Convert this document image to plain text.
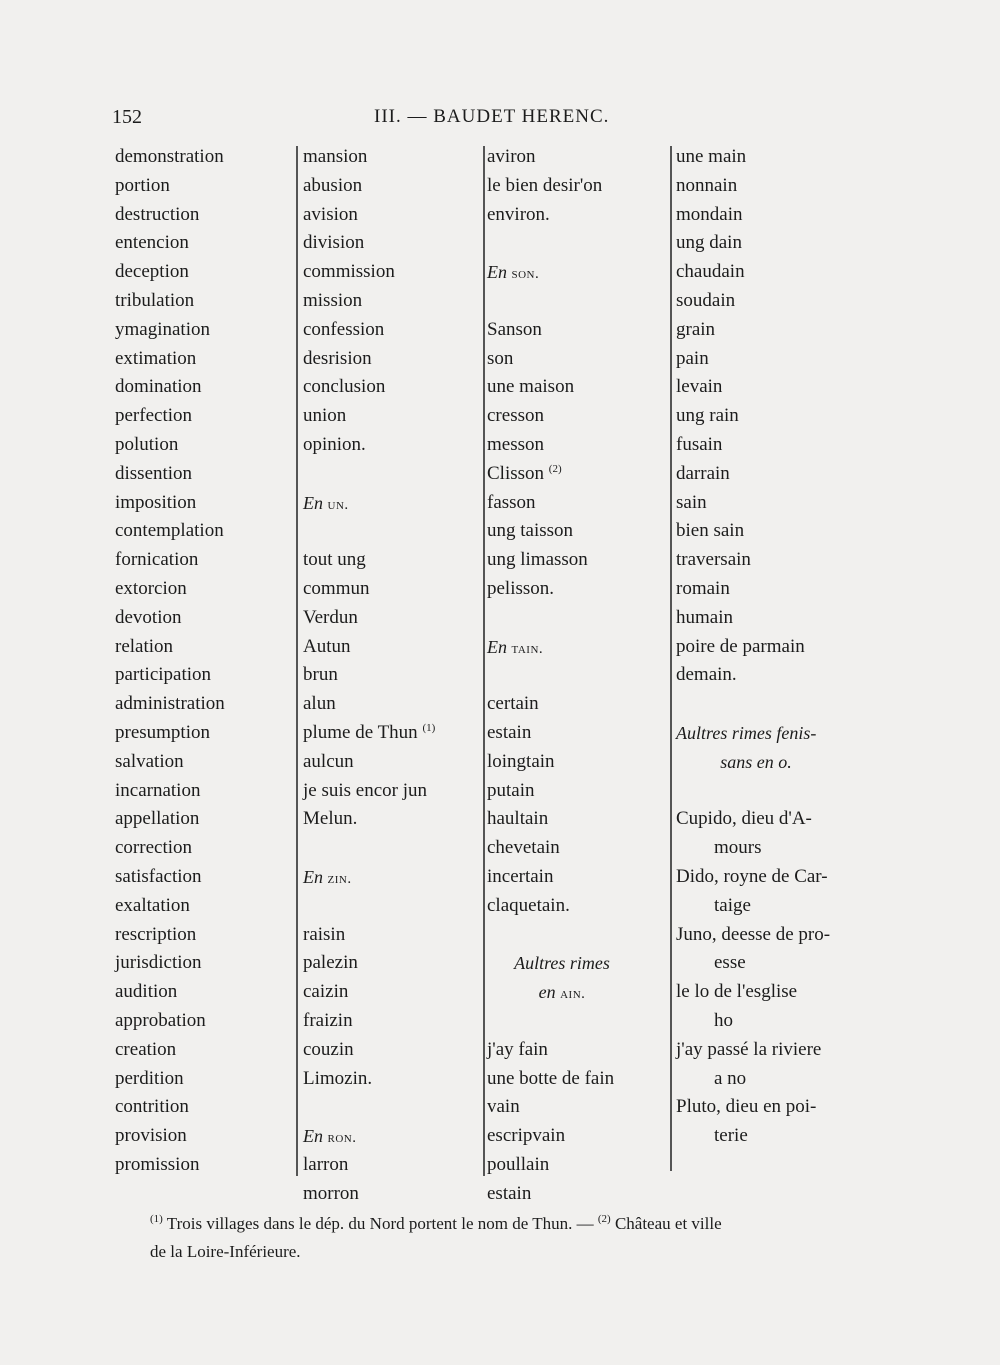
152	III. — BAUDET HERENC.
demonstration
portion
destruction
entencion
deception
tribulation
ymagination
extimation
domination
perfection
polution
dissention
imposition
contemplation
fornication
extorcion
devotion
relation
participation
administration
presumption
salvation
incarnation
appellation
correction
satisfaction
exaltation
rescription
jurisdiction
audition
approbation
creation
perdition
contrition
provision
promission
mansion
abusion
avision
division
commission
mission
confession
desrision
conclusion
union
opinion.
En un.
tout ung
commun
Verdun
Autun
brun
alun
plume de Thun $^{(1)}$
aulcun
je suis encor jun
Melun.
En zin.
raisin
palezin
caizin
fraizin
couzin
Limozin.
En ron.
larron
morron
aviron
le bien desir'on
environ.
En son.
Sanson
son
une maison
cresson
messon
Clisson $^{(2)}$
fasson
ung taisson
ung limasson
pelisson.
En tain.
certain
estain
loingtain
putain
haultain
chevetain
incertain
claquetain.
Aultres rimes
en ain.
j'ay fain
une botte de fain
vain
escripvain
poullain
estain
une main
nonnain
mondain
ung dain
chaudain
soudain
grain
pain
levain
ung rain
fusain
darrain
sain
bien sain
traversain
romain
humain
poire de parmain
demain.
Aultres rimes fenis-
sans en o.
Cupido, dieu d'A-
mours
Dido, royne de Car-
taige
Juno, deesse de pro-
esse
le lo de l'esglise
ho
j'ay passé la riviere
a no
Pluto, dieu en poi-
terie
$^{(1)}$ Trois villages dans le dép. du Nord portent le nom de Thun. — $^{(2)}$ Château et ville
de la Loire-Inférieure.
